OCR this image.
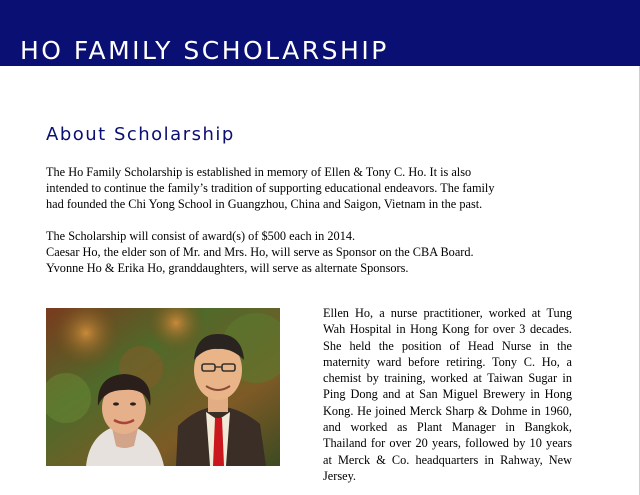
HO FAMILY SCHOLARSHIP
About Scholarship

The Ho Family Scholarship is established in memory of Ellen & Tony C. Ho. It is also

intended to continue the family’s tradition of supporting educational endeavors. The family

had founded the Chi Yong School in Guangzhou, China and Saigon, Vietnam in the past.

The Scholarship will consist of award(s) of $500 each in 2014.

Caesar Ho, the elder son of Mr. and Mrs. Ho, will serve as Sponsor on the CBA Board.

Yvonne Ho & Erika Ho, granddaughters, will serve as alternate Sponsors.

Ellen Ho, a nurse practitioner, worked at Tung Wah Hospital in Hong Kong for over 3 decades. She held the position of Head Nurse in the maternity ward before retiring. Tony C. Ho, a chemist by training, worked at Taiwan Sugar in Ping Dong and at San Miguel Brewery in Hong Kong. He joined Merck Sharp & Dohme in 1960, and worked as Plant Manager in Bangkok, Thailand for over 20 years, followed by 10 years at Merck & Co. headquarters in Rahway, New Jersey.
